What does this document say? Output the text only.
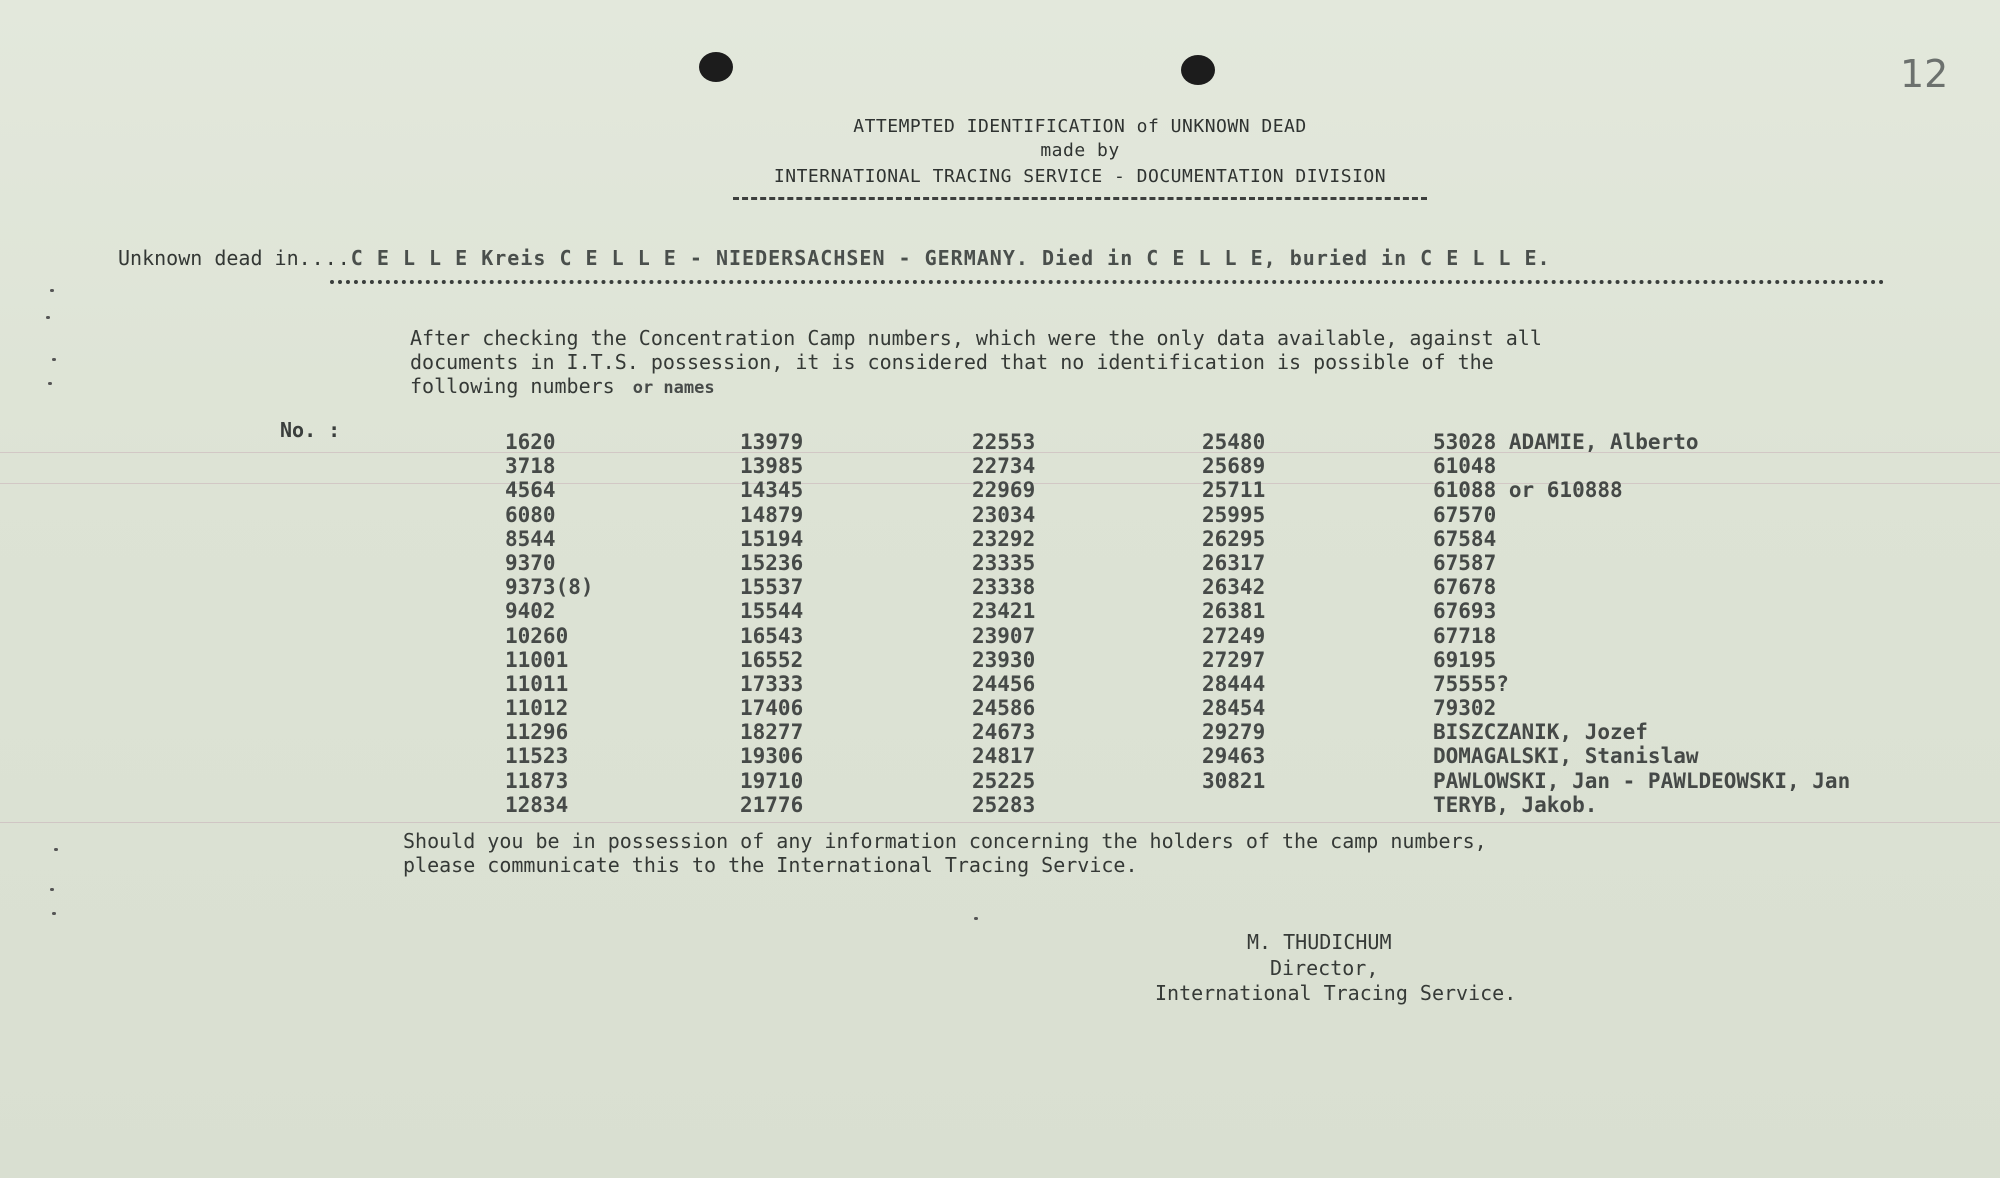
12
ATTEMPTED IDENTIFICATION of UNKNOWN DEAD
made by
INTERNATIONAL TRACING SERVICE - DOCUMENTATION DIVISION
Unknown dead in....C E L L E Kreis C E L L E - NIEDERSACHSEN - GERMANY. Died in C E L L E, buried in C E L L E.
After checking the Concentration Camp numbers, which were the only data available, against all
documents in I.T.S. possession, it is considered that no identification is possible of the
following numbers or names
No. :	1620
3718
4564
6080
8544
9370
9373(8)
9402
10260
11001
11011
11012
11296
11523
11873
12834
13979
13985
14345
14879
15194
15236
15537
15544
16543
16552
17333
17406
18277
19306
19710
21776
22553
22734
22969
23034
23292
23335
23338
23421
23907
23930
24456
24586
24673
24817
25225
25283
25480
25689
25711
25995
26295
26317
26342
26381
27249
27297
28444
28454
29279
29463
30821
53028 ADAMIE, Alberto
61048
61088 or 610888
67570
67584
67587
67678
67693
67718
69195
75555?
79302
BISZCZANIK, Jozef
DOMAGALSKI, Stanislaw
PAWLOWSKI, Jan - PAWLDEOWSKI, Jan
TERYB, Jakob.
Should you be in possession of any information concerning the holders of the camp numbers,
please communicate this to the International Tracing Service.
M. THUDICHUM
Director,
International Tracing Service.
